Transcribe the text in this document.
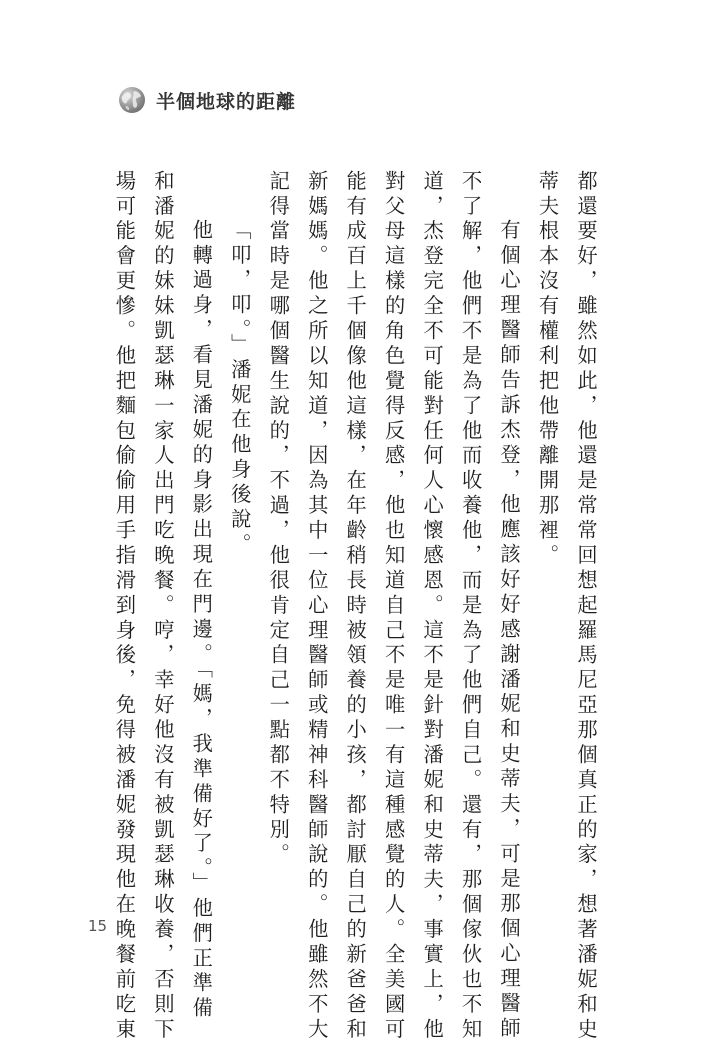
半個地球的距離
都還要好，雖然如此，他還是常常回想起羅馬尼亞那個真正的家，想著潘妮和史
蒂夫根本沒有權利把他帶離開那裡。
有個心理醫師告訴杰登，他應該好好感謝潘妮和史蒂夫，可是那個心理醫師
不了解，他們不是為了他而收養他，而是為了他們自己。還有，那個傢伙也不知
道，杰登完全不可能對任何人心懷感恩。這不是針對潘妮和史蒂夫，事實上，他
對父母這樣的角色覺得反感，他也知道自己不是唯一有這種感覺的人。全美國可
能有成百上千個像他這樣，在年齡稍長時被領養的小孩，都討厭自己的新爸爸和
新媽媽。他之所以知道，因為其中一位心理醫師或精神科醫師說的。他雖然不大
記得當時是哪個醫生說的，不過，他很肯定自己一點都不特別。
「叩，叩。」潘妮在他身後說。
他轉過身，看見潘妮的身影出現在門邊。「媽，我準備好了。」他們正準備
和潘妮的妹妹凱瑟琳一家人出門吃晚餐。哼，幸好他沒有被凱瑟琳收養，否則下
場可能會更慘。他把麵包偷偷用手指滑到身後，免得被潘妮發現他在晚餐前吃東
15
